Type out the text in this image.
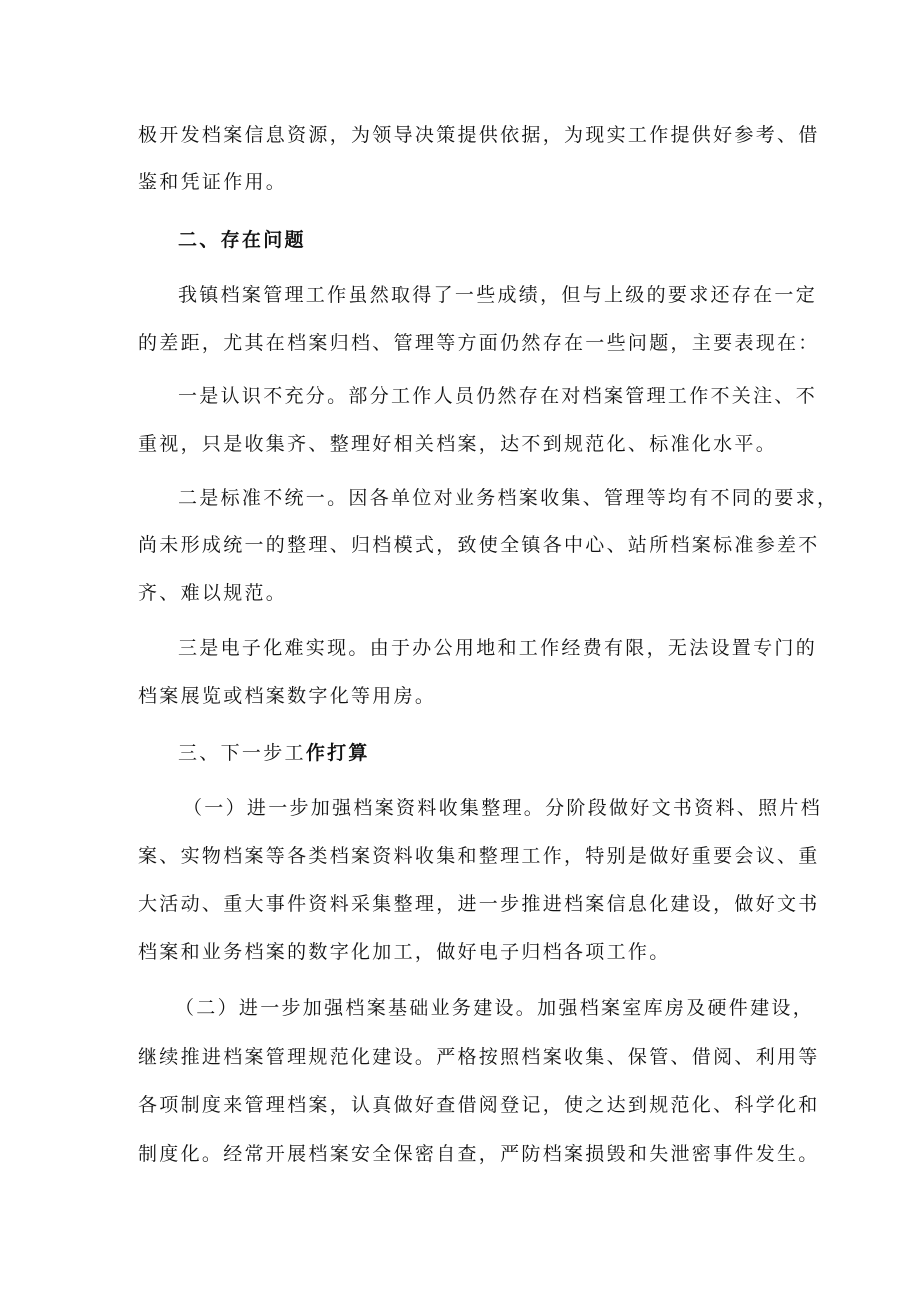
极开发档案信息资源，为领导决策提供依据，为现实工作提供好参考、借
鉴和凭证作用。
二、存在问题
我镇档案管理工作虽然取得了一些成绩，但与上级的要求还存在一定
的差距，尤其在档案归档、管理等方面仍然存在一些问题，主要表现在：
一是认识不充分。部分工作人员仍然存在对档案管理工作不关注、不
重视，只是收集齐、整理好相关档案，达不到规范化、标准化水平。
二是标准不统一。因各单位对业务档案收集、管理等均有不同的要求，
尚未形成统一的整理、归档模式，致使全镇各中心、站所档案标准参差不
齐、难以规范。
三是电子化难实现。由于办公用地和工作经费有限，无法设置专门的
档案展览或档案数字化等用房。
三、下一步工作打算
（一）进一步加强档案资料收集整理。分阶段做好文书资料、照片档
案、实物档案等各类档案资料收集和整理工作，特别是做好重要会议、重
大活动、重大事件资料采集整理，进一步推进档案信息化建设，做好文书
档案和业务档案的数字化加工，做好电子归档各项工作。
（二）进一步加强档案基础业务建设。加强档案室库房及硬件建设，
继续推进档案管理规范化建设。严格按照档案收集、保管、借阅、利用等
各项制度来管理档案，认真做好查借阅登记，使之达到规范化、科学化和
制度化。经常开展档案安全保密自查，严防档案损毁和失泄密事件发生。
